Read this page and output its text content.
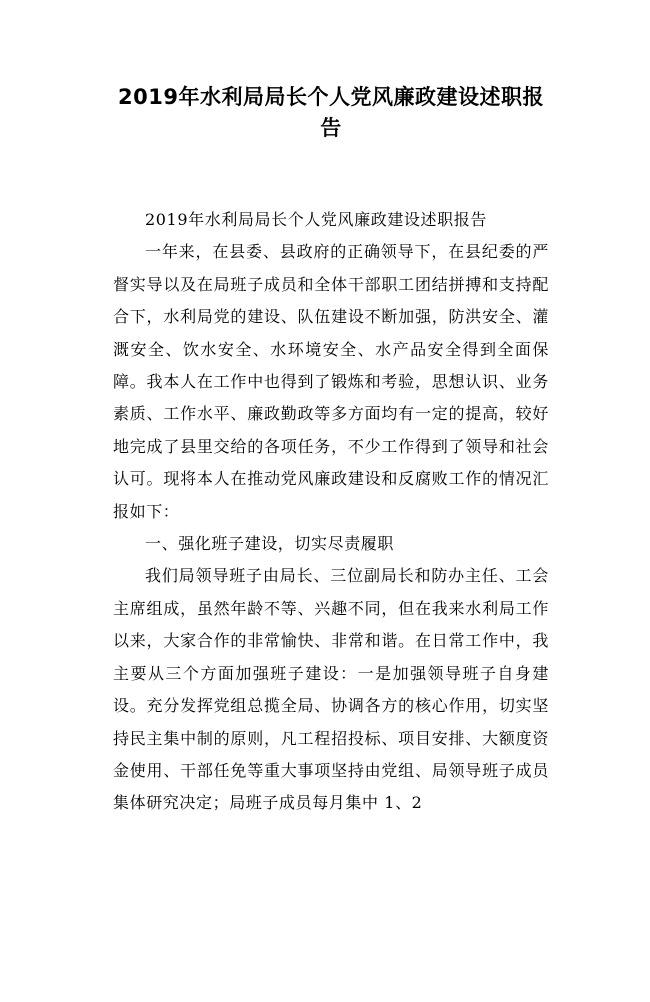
2019年水利局局长个人党风廉政建设述职报告

2019年水利局局长个人党风廉政建设述职报告

一年来，在县委、县政府的正确领导下，在县纪委的严督实导以及在局班子成员和全体干部职工团结拼搏和支持配合下，水利局党的建设、队伍建设不断加强，防洪安全、灌溉安全、饮水安全、水环境安全、水产品安全得到全面保障。我本人在工作中也得到了锻炼和考验，思想认识、业务素质、工作水平、廉政勤政等多方面均有一定的提高，较好地完成了县里交给的各项任务，不少工作得到了领导和社会认可。现将本人在推动党风廉政建设和反腐败工作的情况汇报如下：

一、强化班子建设，切实尽责履职

我们局领导班子由局长、三位副局长和防办主任、工会主席组成，虽然年龄不等、兴趣不同，但在我来水利局工作以来，大家合作的非常愉快、非常和谐。在日常工作中，我主要从三个方面加强班子建设：一是加强领导班子自身建设。充分发挥党组总揽全局、协调各方的核心作用，切实坚持民主集中制的原则，凡工程招投标、项目安排、大额度资金使用、干部任免等重大事项坚持由党组、局领导班子成员集体研究决定；局班子成员每月集中 1、2
